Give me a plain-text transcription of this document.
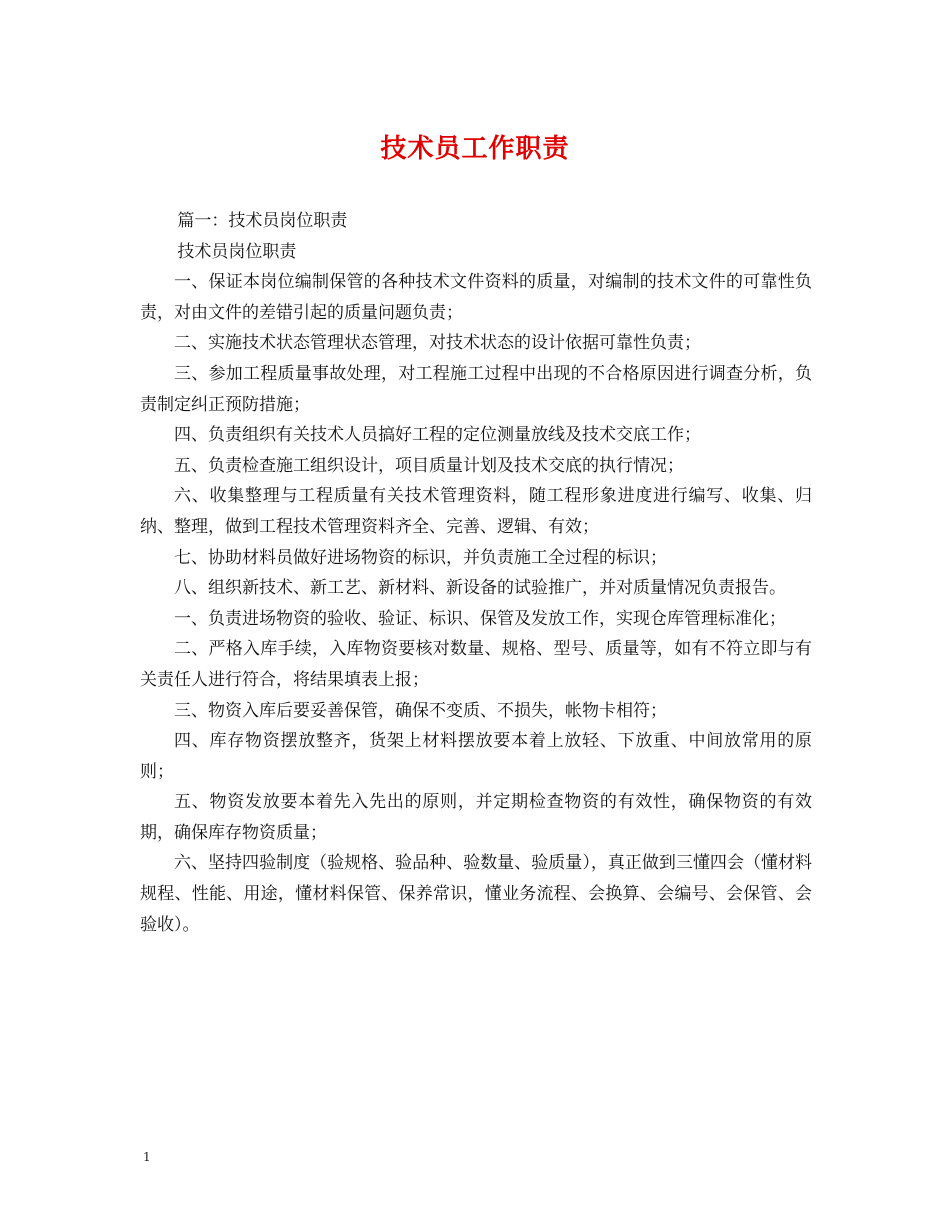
技术员工作职责

篇一：技术员岗位职责

技术员岗位职责

一、保证本岗位编制保管的各种技术文件资料的质量，对编制的技术文件的可靠性负责，对由文件的差错引起的质量问题负责；

二、实施技术状态管理状态管理，对技术状态的设计依据可靠性负责；

三、参加工程质量事故处理，对工程施工过程中出现的不合格原因进行调查分析，负责制定纠正预防措施；

四、负责组织有关技术人员搞好工程的定位测量放线及技术交底工作；

五、负责检查施工组织设计，项目质量计划及技术交底的执行情况；

六、收集整理与工程质量有关技术管理资料，随工程形象进度进行编写、收集、归纳、整理，做到工程技术管理资料齐全、完善、逻辑、有效；

七、协助材料员做好进场物资的标识，并负责施工全过程的标识；

八、组织新技术、新工艺、新材料、新设备的试验推广，并对质量情况负责报告。

一、负责进场物资的验收、验证、标识、保管及发放工作，实现仓库管理标准化；

二、严格入库手续，入库物资要核对数量、规格、型号、质量等，如有不符立即与有关责任人进行符合，将结果填表上报；

三、物资入库后要妥善保管，确保不变质、不损失，帐物卡相符；

四、库存物资摆放整齐，货架上材料摆放要本着上放轻、下放重、中间放常用的原则；

五、物资发放要本着先入先出的原则，并定期检查物资的有效性，确保物资的有效期，确保库存物资质量；

六、坚持四验制度（验规格、验品种、验数量、验质量），真正做到三懂四会（懂材料规程、性能、用途，懂材料保管、保养常识，懂业务流程、会换算、会编号、会保管、会验收）。

1
